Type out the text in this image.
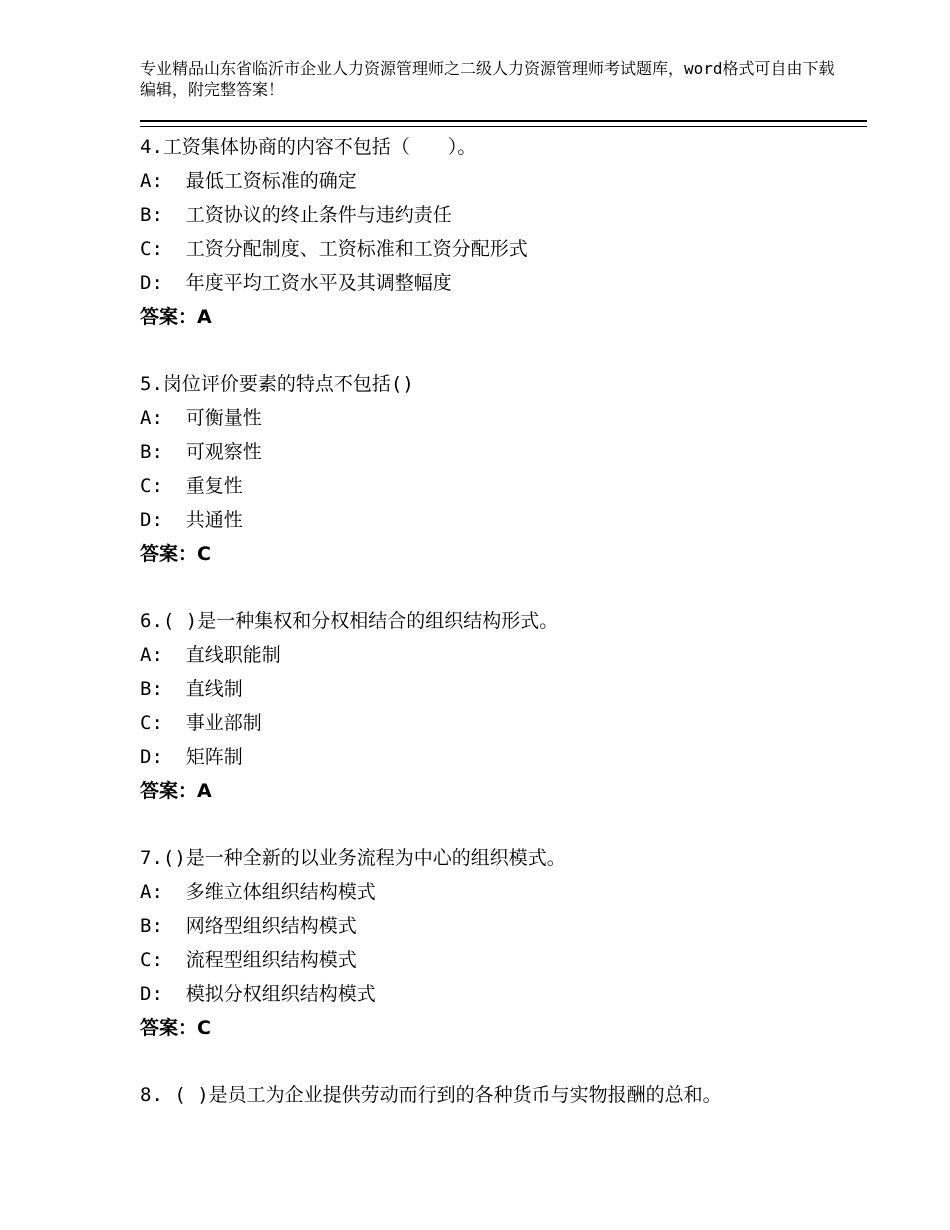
专业精品山东省临沂市企业人力资源管理师之二级人力资源管理师考试题库，word格式可自由下载编辑，附完整答案！
4.工资集体协商的内容不包括（　　）。
A:  最低工资标准的确定
B:  工资协议的终止条件与违约责任
C:  工资分配制度、工资标准和工资分配形式
D:  年度平均工资水平及其调整幅度
答案：A
5.岗位评价要素的特点不包括()
A:  可衡量性
B:  可观察性
C:  重复性
D:  共通性
答案：C
6.( )是一种集权和分权相结合的组织结构形式。
A:  直线职能制
B:  直线制
C:  事业部制
D:  矩阵制
答案：A
7.()是一种全新的以业务流程为中心的组织模式。
A:  多维立体组织结构模式
B:  网络型组织结构模式
C:  流程型组织结构模式
D:  模拟分权组织结构模式
答案：C
8. ( )是员工为企业提供劳动而行到的各种货币与实物报酬的总和。
